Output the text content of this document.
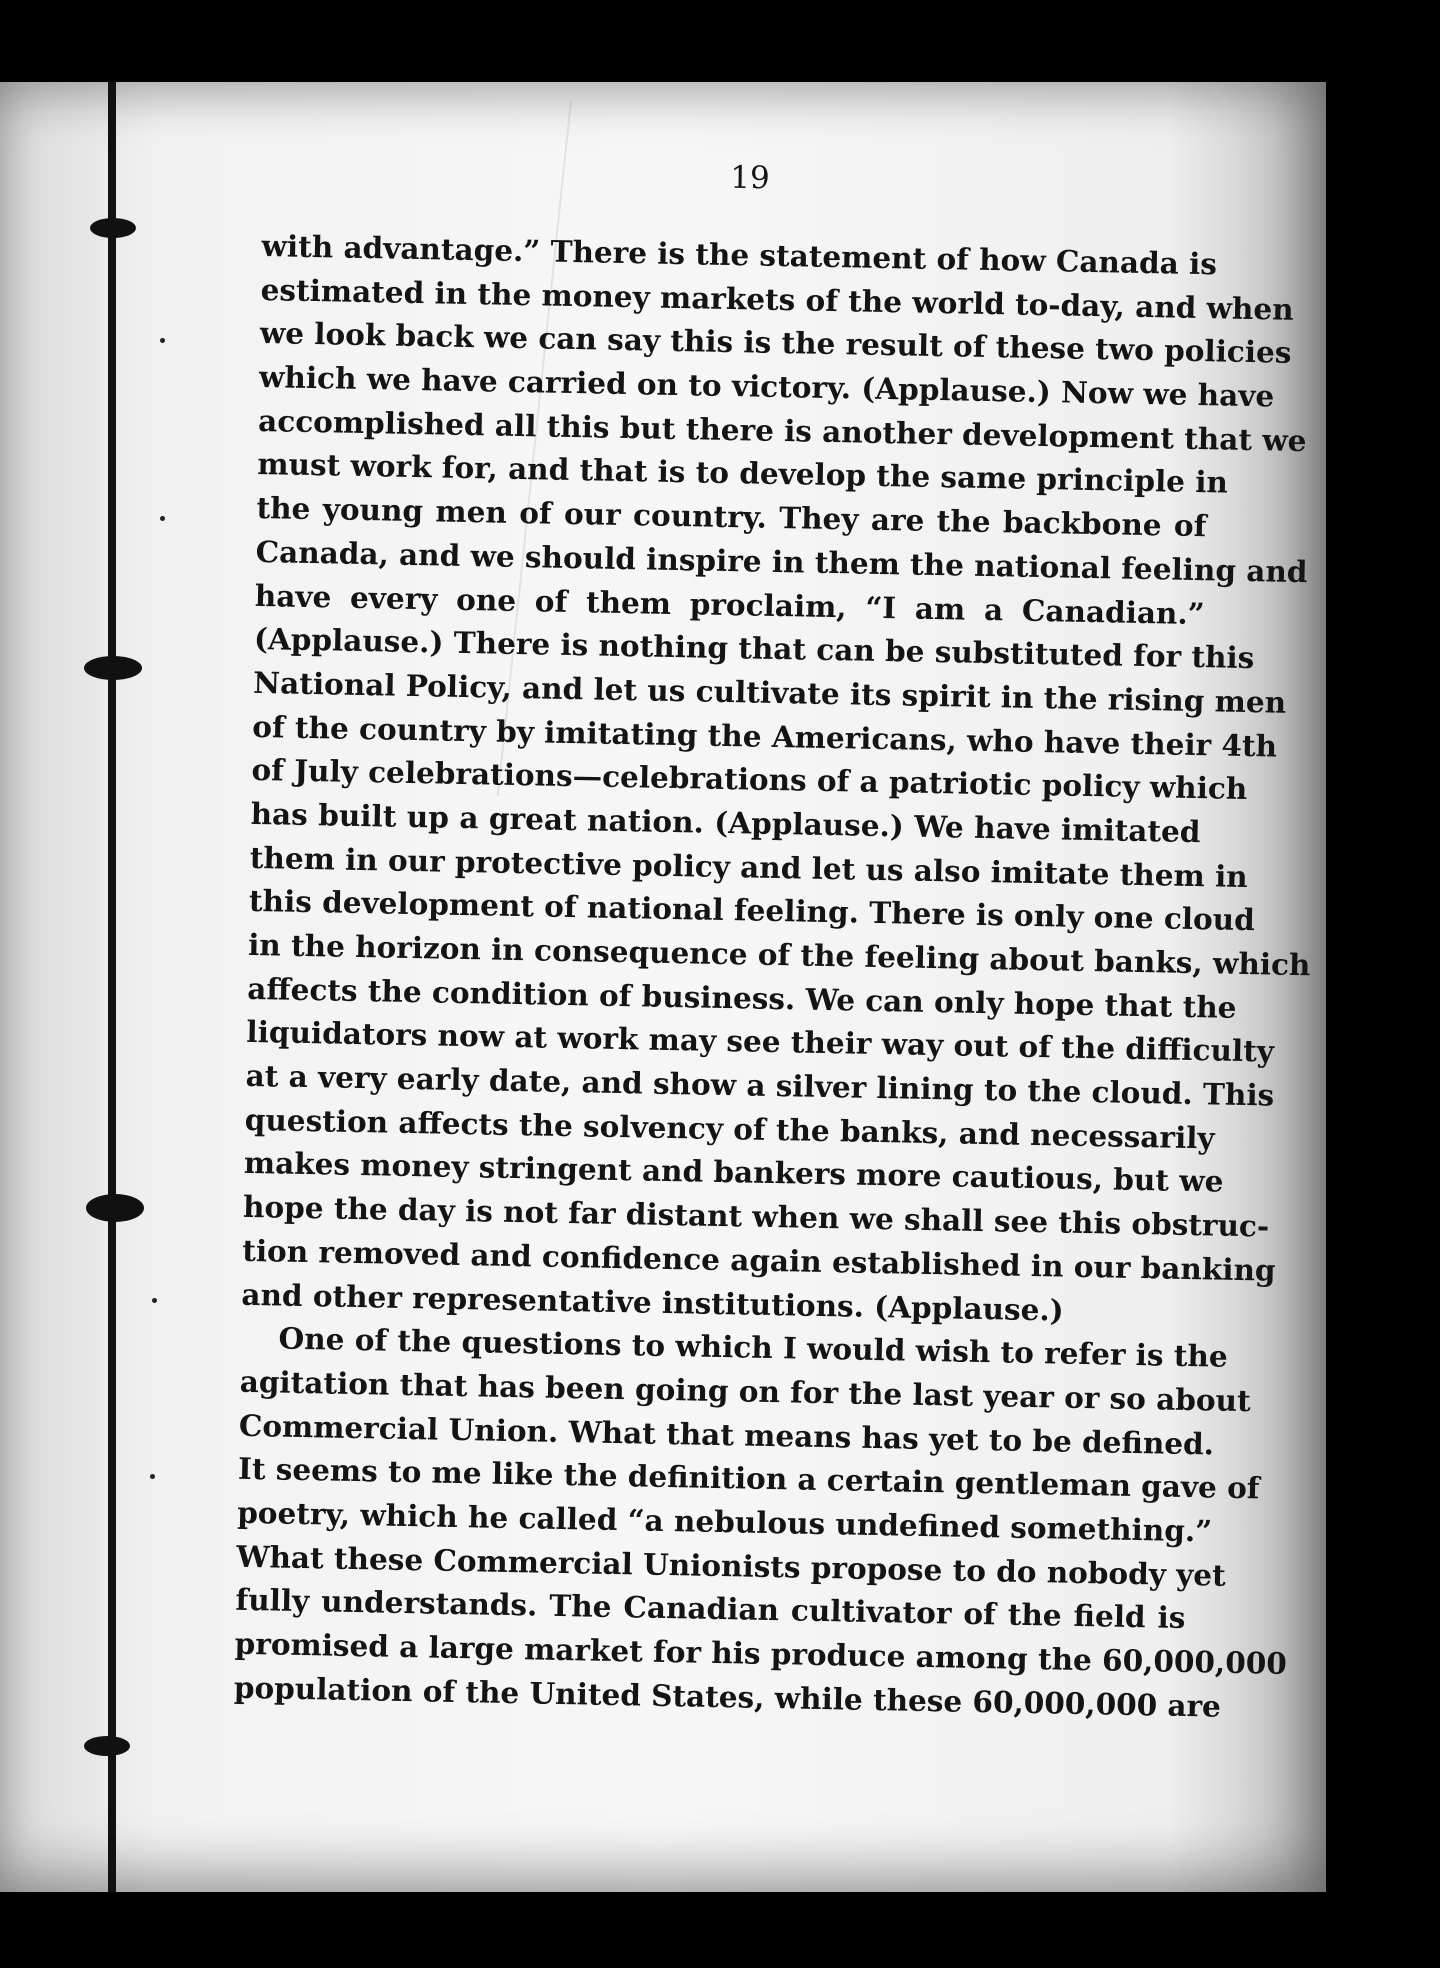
19
with advantage.” There is the statement of how Canada is
estimated in the money markets of the world to-day, and when
we look back we can say this is the result of these two policies
which we have carried on to victory. (Applause.) Now we have
accomplished all this but there is another development that we
must work for, and that is to develop the same principle in
the young men of our country. They are the backbone of
Canada, and we should inspire in them the national feeling and
have every one of them proclaim, “I am a Canadian.”
(Applause.) There is nothing that can be substituted for this
National Policy, and let us cultivate its spirit in the rising men
of the country by imitating the Americans, who have their 4th
of July celebrations—celebrations of a patriotic policy which
has built up a great nation. (Applause.) We have imitated
them in our protective policy and let us also imitate them in
this development of national feeling. There is only one cloud
in the horizon in consequence of the feeling about banks, which
affects the condition of business. We can only hope that the
liquidators now at work may see their way out of the difficulty
at a very early date, and show a silver lining to the cloud. This
question affects the solvency of the banks, and necessarily
makes money stringent and bankers more cautious, but we
hope the day is not far distant when we shall see this obstruc-
tion removed and confidence again established in our banking
and other representative institutions. (Applause.)
One of the questions to which I would wish to refer is the
agitation that has been going on for the last year or so about
Commercial Union. What that means has yet to be defined.
It seems to me like the definition a certain gentleman gave of
poetry, which he called “a nebulous undefined something.”
What these Commercial Unionists propose to do nobody yet
fully understands. The Canadian cultivator of the field is
promised a large market for his produce among the 60,000,000
population of the United States, while these 60,000,000 are
